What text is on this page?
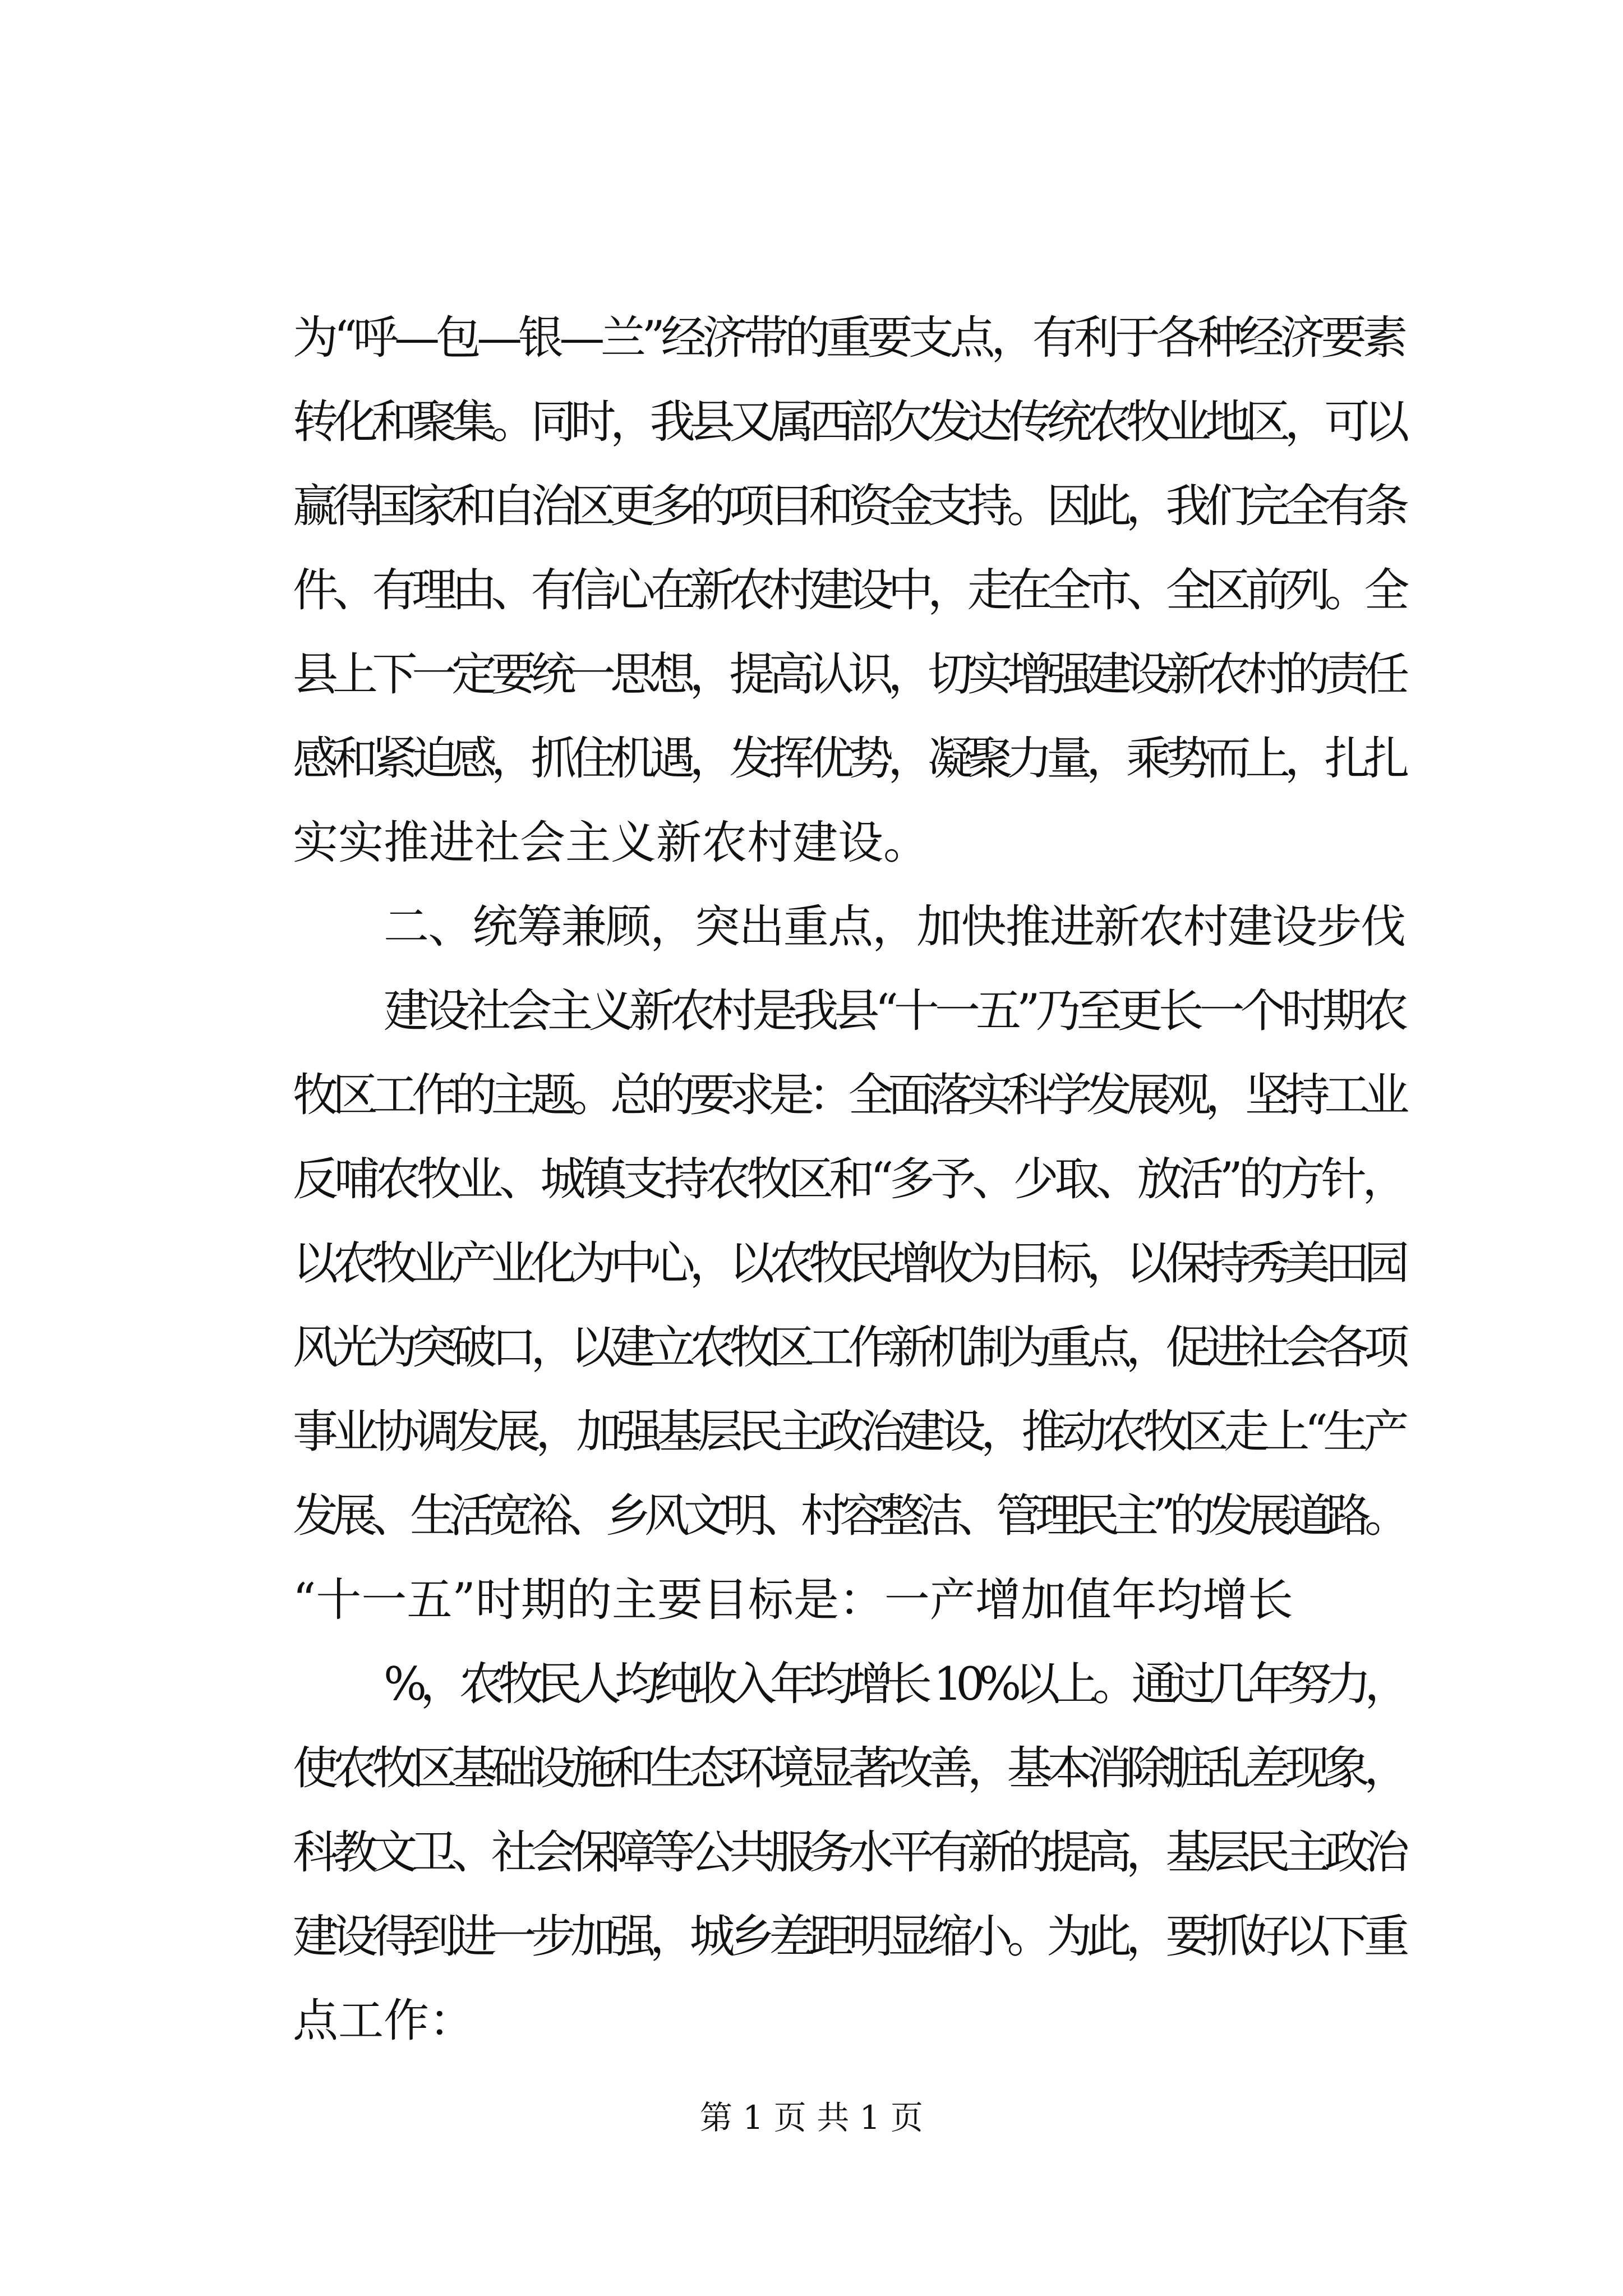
为“呼—包—银—兰”经济带的重要支点，有利于各种经济要素
转化和聚集。同时，我县又属西部欠发达传统农牧业地区，可以
赢得国家和自治区更多的项目和资金支持。因此，我们完全有条
件、有理由、有信心在新农村建设中，走在全市、全区前列。全
县上下一定要统一思想，提高认识，切实增强建设新农村的责任
感和紧迫感，抓住机遇，发挥优势，凝聚力量，乘势而上，扎扎
实实推进社会主义新农村建设。
二、统筹兼顾，突出重点，加快推进新农村建设步伐
建设社会主义新农村是我县“十一五”乃至更长一个时期农
牧区工作的主题。总的要求是：全面落实科学发展观，坚持工业
反哺农牧业、城镇支持农牧区和“多予、少取、放活”的方针，
以农牧业产业化为中心，以农牧民增收为目标，以保持秀美田园
风光为突破口，以建立农牧区工作新机制为重点，促进社会各项
事业协调发展，加强基层民主政治建设，推动农牧区走上“生产
发展、生活宽裕、乡风文明、村容整洁、管理民主”的发展道路。
“十一五”时期的主要目标是：一产增加值年均增长
%，农牧民人均纯收入年均增长 10%以上。通过几年努力，
使农牧区基础设施和生态环境显著改善，基本消除脏乱差现象，
科教文卫、社会保障等公共服务水平有新的提高，基层民主政治
建设得到进一步加强，城乡差距明显缩小。为此，要抓好以下重
点工作：
第 1 页 共 1 页
